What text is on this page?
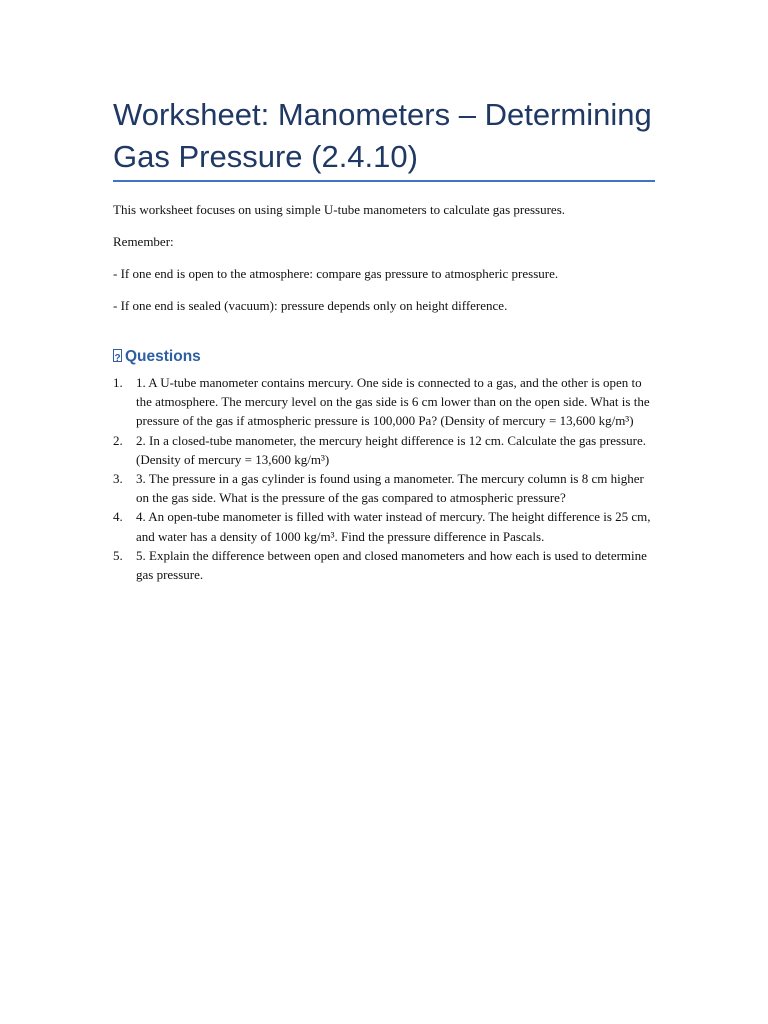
Worksheet: Manometers – Determining Gas Pressure (2.4.10)

This worksheet focuses on using simple U-tube manometers to calculate gas pressures.

Remember:

- If one end is open to the atmosphere: compare gas pressure to atmospheric pressure.

- If one end is sealed (vacuum): pressure depends only on height difference.

?Questions
1. 1. A U-tube manometer contains mercury. One side is connected to a gas, and the other is open to the atmosphere. The mercury level on the gas side is 6 cm lower than on the open side. What is the pressure of the gas if atmospheric pressure is 100,000 Pa? (Density of mercury = 13,600 kg/m³)
2. 2. In a closed-tube manometer, the mercury height difference is 12 cm. Calculate the gas pressure. (Density of mercury = 13,600 kg/m³)
3. 3. The pressure in a gas cylinder is found using a manometer. The mercury column is 8 cm higher on the gas side. What is the pressure of the gas compared to atmospheric pressure?
4. 4. An open-tube manometer is filled with water instead of mercury. The height difference is 25 cm, and water has a density of 1000 kg/m³. Find the pressure difference in Pascals.
5. 5. Explain the difference between open and closed manometers and how each is used to determine gas pressure.
